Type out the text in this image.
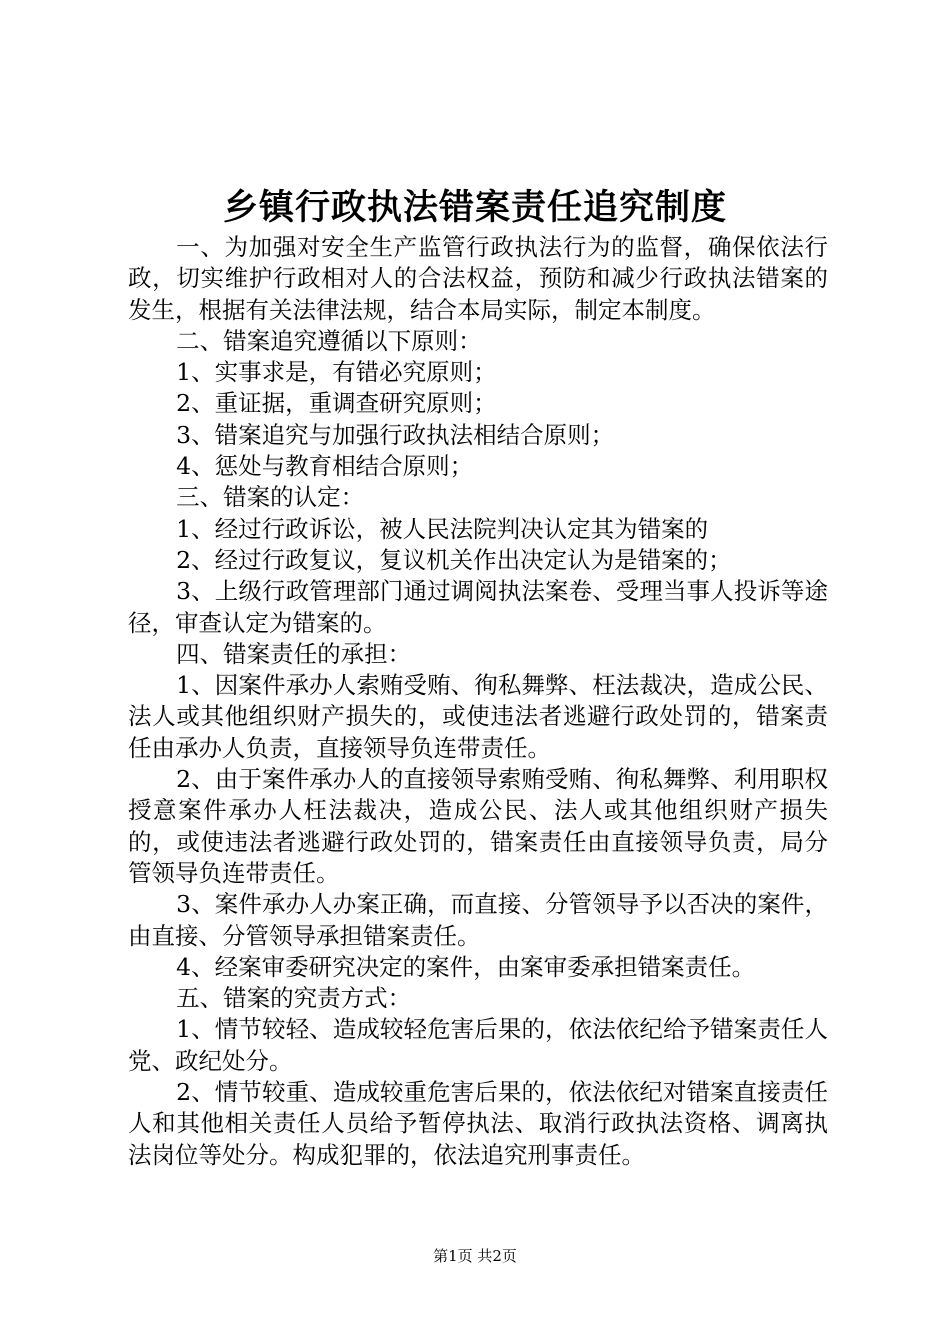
乡镇行政执法错案责任追究制度

一、为加强对安全生产监管行政执法行为的监督，确保依法行政，切实维护行政相对人的合法权益，预防和减少行政执法错案的发生，根据有关法律法规，结合本局实际，制定本制度。

二、错案追究遵循以下原则：

1、实事求是，有错必究原则；

2、重证据，重调查研究原则；

3、错案追究与加强行政执法相结合原则；

4、惩处与教育相结合原则；

三、错案的认定：

1、经过行政诉讼，被人民法院判决认定其为错案的

2、经过行政复议，复议机关作出决定认为是错案的；

3、上级行政管理部门通过调阅执法案卷、受理当事人投诉等途径，审查认定为错案的。

四、错案责任的承担：

1、因案件承办人索贿受贿、徇私舞弊、枉法裁决，造成公民、法人或其他组织财产损失的，或使违法者逃避行政处罚的，错案责任由承办人负责，直接领导负连带责任。

2、由于案件承办人的直接领导索贿受贿、徇私舞弊、利用职权授意案件承办人枉法裁决，造成公民、法人或其他组织财产损失的，或使违法者逃避行政处罚的，错案责任由直接领导负责，局分管领导负连带责任。

3、案件承办人办案正确，而直接、分管领导予以否决的案件，由直接、分管领导承担错案责任。

4、经案审委研究决定的案件，由案审委承担错案责任。

五、错案的究责方式：

1、情节较轻、造成较轻危害后果的，依法依纪给予错案责任人党、政纪处分。

2、情节较重、造成较重危害后果的，依法依纪对错案直接责任人和其他相关责任人员给予暂停执法、取消行政执法资格、调离执法岗位等处分。构成犯罪的，依法追究刑事责任。

第1页 共2页
